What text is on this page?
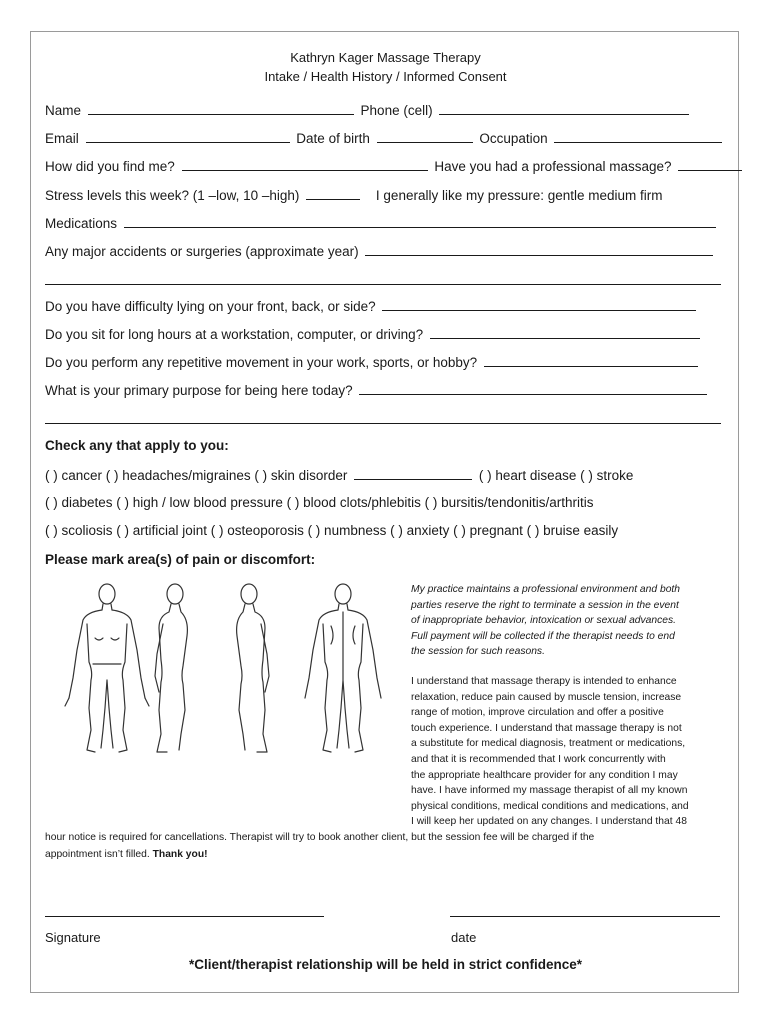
Kathryn Kager Massage Therapy
Intake / Health History / Informed Consent
Name	Phone (cell)
Email	Date of birth	Occupation
How did you find me?	Have you had a professional massage?
Stress levels this week? (1 –low, 10 –high)	I generally like my pressure: gentle medium firm
Medications
Any major accidents or surgeries (approximate year)
Do you have difficulty lying on your front, back, or side?
Do you sit for long hours at a workstation, computer, or driving?
Do you perform any repetitive movement in your work, sports, or hobby?
What is your primary purpose for being here today?
Check any that apply to you:
( ) cancer ( ) headaches/migraines ( ) skin disorder	( ) heart disease ( ) stroke
( ) diabetes ( ) high / low blood pressure ( ) blood clots/phlebitis ( ) bursitis/tendonitis/arthritis
( ) scoliosis ( ) artificial joint ( ) osteoporosis ( ) numbness ( ) anxiety ( ) pregnant ( ) bruise easily
Please mark area(s) of pain or discomfort:
My practice maintains a professional environment and both
parties reserve the right to terminate a session in the event
of inappropriate behavior, intoxication or sexual advances.
Full payment will be collected if the therapist needs to end
the session for such reasons.
I understand that massage therapy is intended to enhance
relaxation, reduce pain caused by muscle tension, increase
range of motion, improve circulation and offer a positive
touch experience. I understand that massage therapy is not
a substitute for medical diagnosis, treatment or medications,
and that it is recommended that I work concurrently with
the appropriate healthcare provider for any condition I may
have. I have informed my massage therapist of all my known
physical conditions, medical conditions and medications, and
I will keep her updated on any changes. I understand that 48
hour notice is required for cancellations. Therapist will try to book another client, but the session fee will be charged if the
appointment isn’t filled. Thank you!
Signature	date
*Client/therapist relationship will be held in strict confidence*
